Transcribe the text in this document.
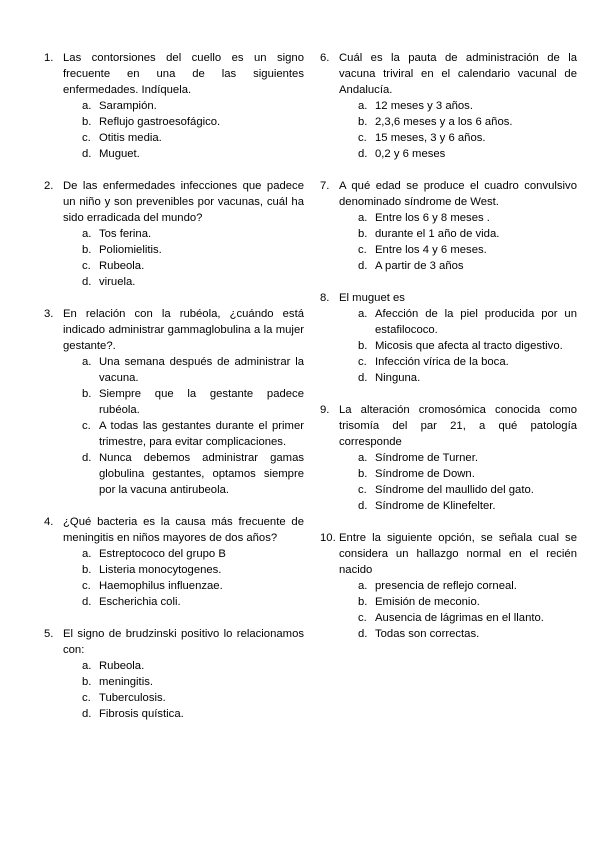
1. Las contorsiones del cuello es un signo frecuente en una de las siguientes enfermedades. Indíquela.
a. Sarampión.
b. Reflujo gastroesofágico.
c. Otitis media.
d. Muguet.
2. De las enfermedades infecciones que padece un niño y son prevenibles por vacunas, cuál ha sido erradicada del mundo?
a. Tos ferina.
b. Poliomielitis.
c. Rubeola.
d. viruela.
3. En relación con la rubéola, ¿cuándo está indicado administrar gammaglobulina a la mujer gestante?.
a. Una semana después de administrar la vacuna.
b. Siempre que la gestante padece rubéola.
c. A todas las gestantes durante el primer trimestre, para evitar complicaciones.
d. Nunca debemos administrar gamas globulina gestantes, optamos siempre por la vacuna antirubeola.
4. ¿Qué bacteria es la causa más frecuente de meningitis en niños mayores de dos años?
a. Estreptococo del grupo B
b. Listeria monocytogenes.
c. Haemophilus influenzae.
d. Escherichia coli.
5. El signo de brudzinski positivo lo relacionamos con:
a. Rubeola.
b. meningitis.
c. Tuberculosis.
d. Fibrosis quística.
6. Cuál es la pauta de administración de la vacuna triviral en el calendario vacunal de Andalucía.
a. 12 meses y 3 años.
b. 2,3,6 meses y a los 6 años.
c. 15 meses, 3 y 6 años.
d. 0,2 y 6 meses
7. A qué edad se produce el cuadro convulsivo denominado síndrome de West.
a. Entre los 6 y 8 meses .
b. durante el 1 año de vida.
c. Entre los 4 y 6 meses.
d. A partir de 3 años
8. El muguet es
a. Afección de la piel producida por un estafilococo.
b. Micosis que afecta al tracto digestivo.
c. Infección vírica de la boca.
d. Ninguna.
9. La alteración cromosómica conocida como trisomía del par 21, a qué patología corresponde
a. Síndrome de Turner.
b. Síndrome de Down.
c. Síndrome del maullido del gato.
d. Síndrome de Klinefelter.
10. Entre la siguiente opción, se señala cual se considera un hallazgo normal en el recién nacido
a. presencia de reflejo corneal.
b. Emisión de meconio.
c. Ausencia de lágrimas en el llanto.
d. Todas son correctas.
